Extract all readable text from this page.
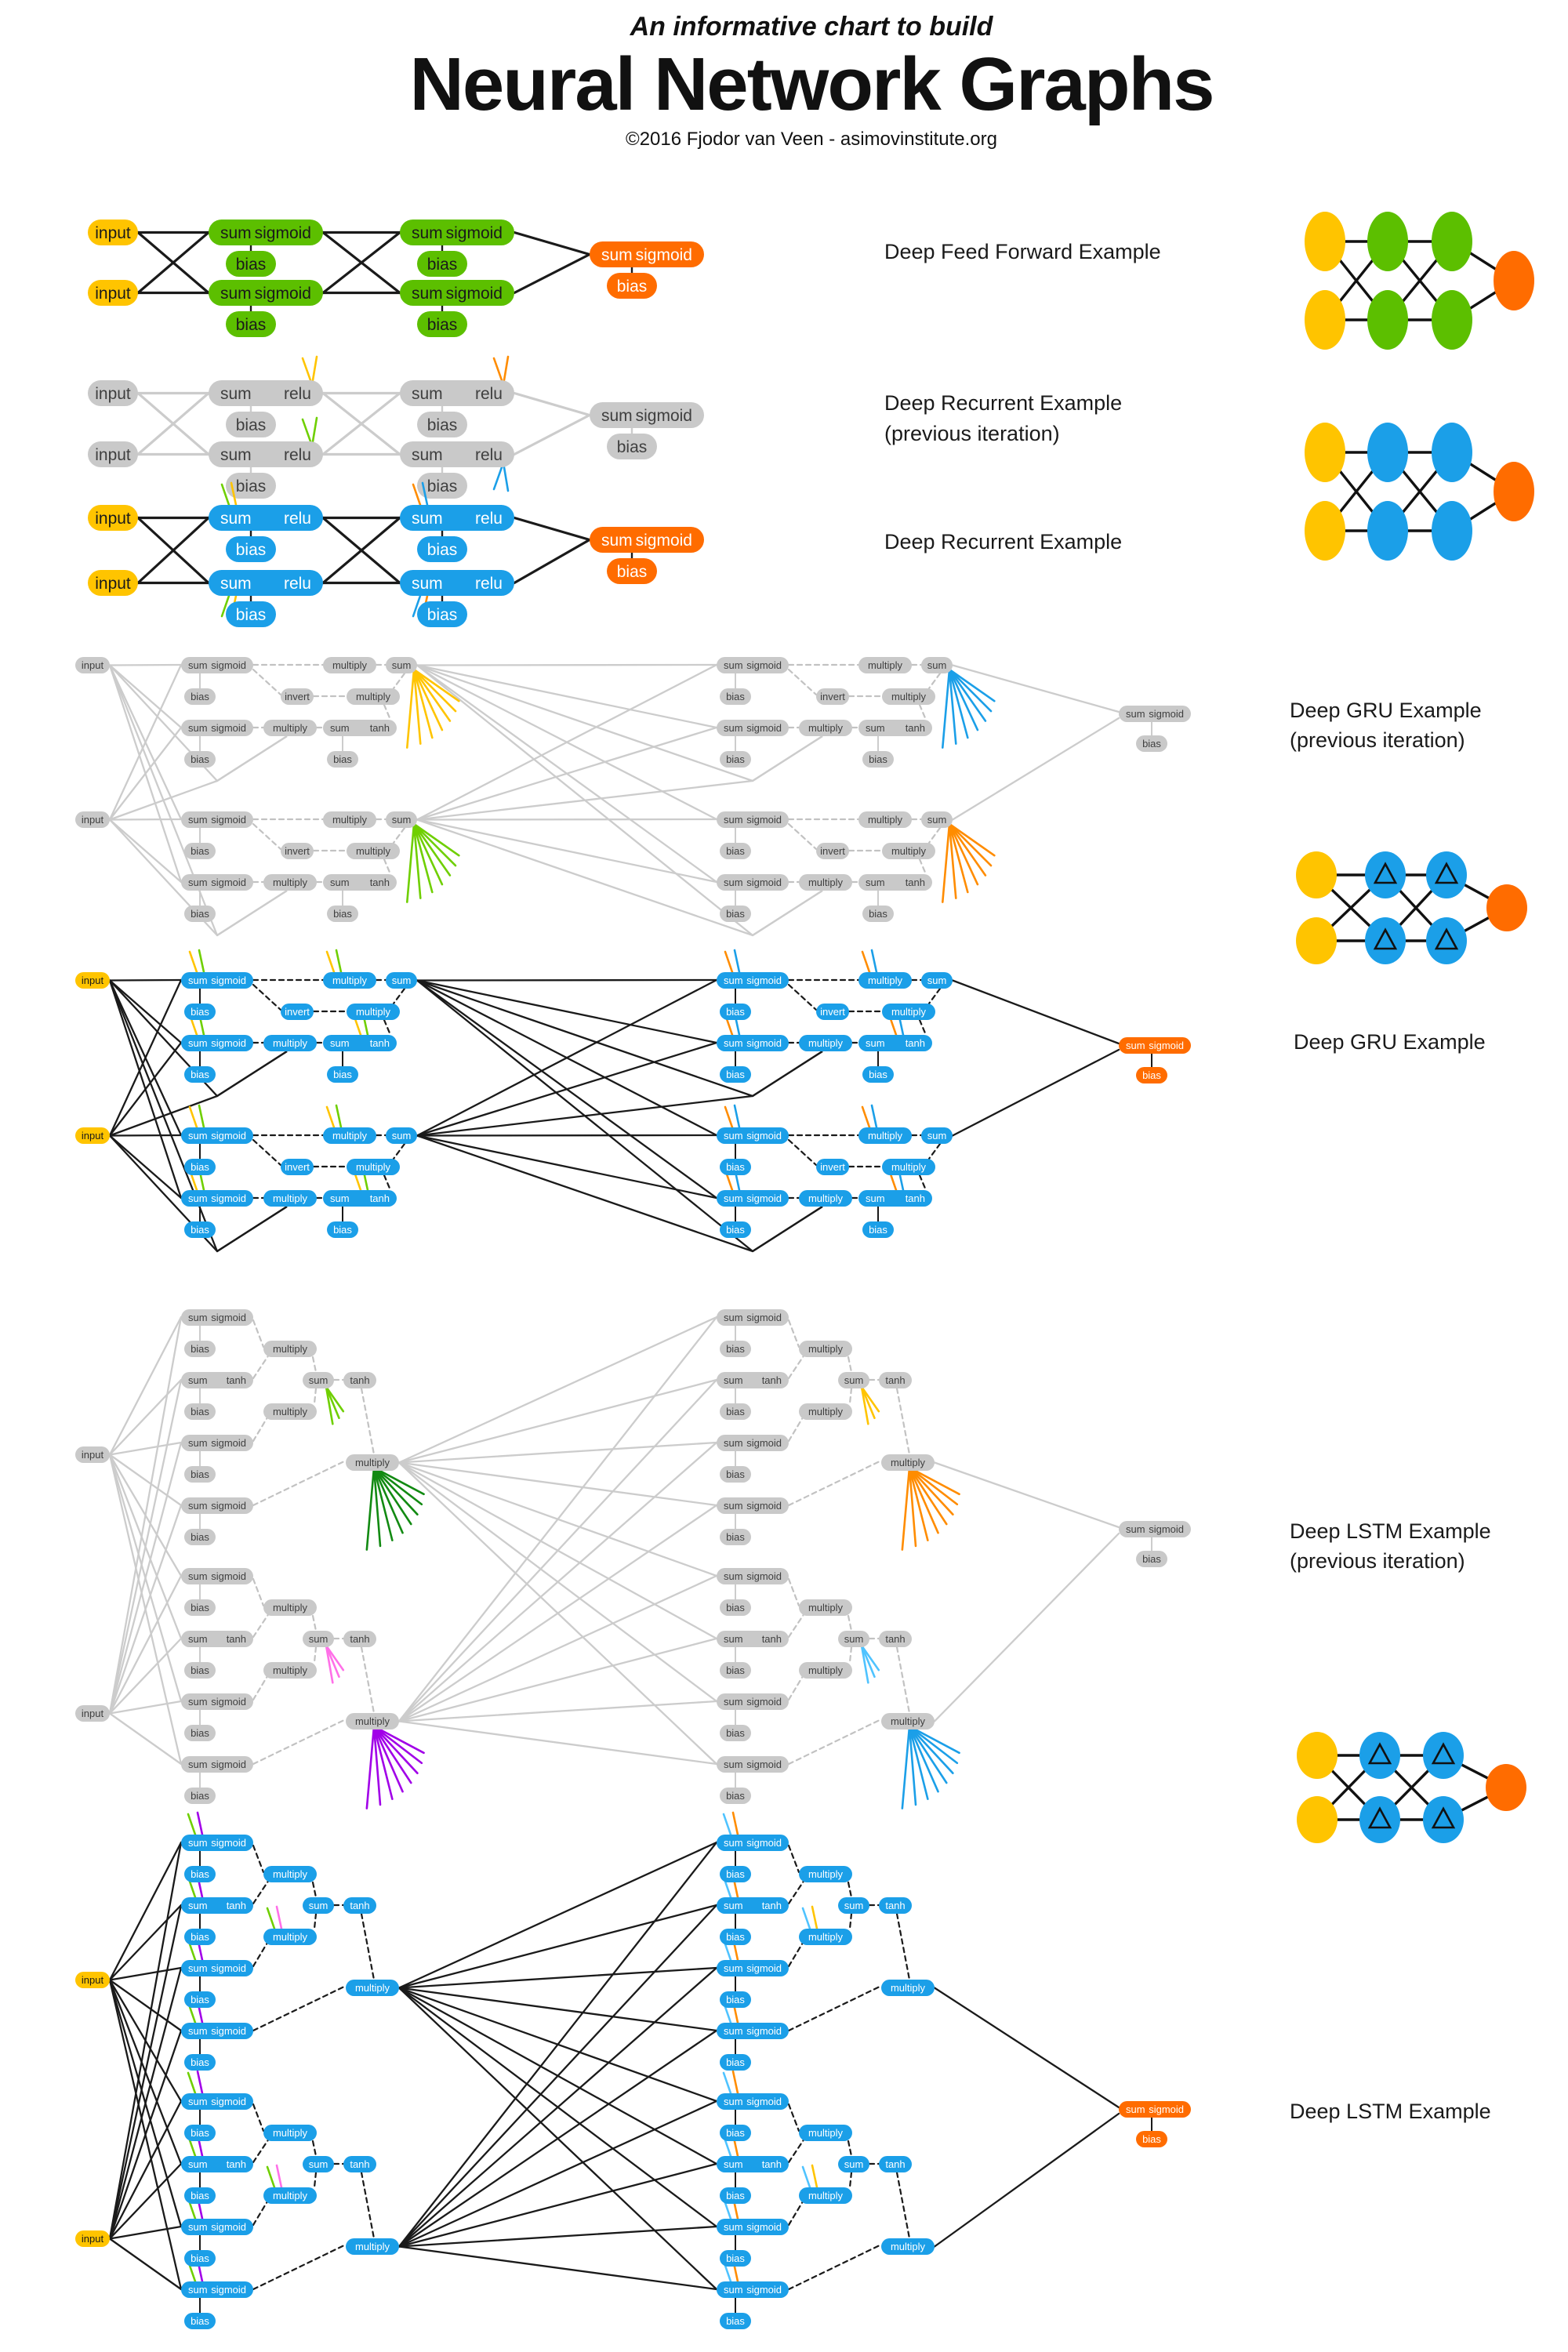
input
input
sum sigmoid
sum sigmoid
bias
bias
sum sigmoid
sum sigmoid
bias
bias
sum sigmoid
bias
Deep Feed Forward Example
input
input
sum relu
sum relu
bias
bias
sum relu
sum relu
bias
bias
sum sigmoid
bias
input
input
sum relu
sum relu
bias
bias
sum relu
sum relu
bias
bias
sum sigmoid
bias
Deep Recurrent Example
(previous iteration)
Deep Recurrent Example
input
input
sum sigmoid
bias
multiply sum
invert	multiply
sum sigmoid
bias
multiply sum tanh
bias
sum sigmoid
bias
multiply sum
invert	multiply
sum sigmoid
bias
multiply sum tanh
bias
sum sigmoid
bias
multiply sum
invert	multiply
sum sigmoid
bias
multiply sum tanh
bias
sum sigmoid
bias
multiply sum
invert	multiply
sum sigmoid
bias
multiply sum tanh
bias
sum sigmoid
bias
input
input
sum sigmoid
bias
multiply sum
invert	multiply
sum sigmoid
bias
multiply sum tanh
bias
sum sigmoid
bias
multiply sum
invert	multiply
sum sigmoid
bias
multiply sum tanh
bias
sum sigmoid
bias
multiply sum
invert	multiply
sum sigmoid
bias
multiply sum tanh
bias
sum sigmoid
bias
multiply sum
invert	multiply
sum sigmoid
bias
multiply sum tanh
bias
sum sigmoid
bias
Deep GRU Example
(previous iteration)
Deep GRU Example
input
input
sum sigmoid
sum tanh
sum sigmoid
sum sigmoid
bias
bias
bias
bias
multiply
multiply
sum tanh
multiply
sum sigmoid
sum tanh
sum sigmoid
sum sigmoid
bias
bias
bias
bias
multiply
multiply
sum tanh
multiply
sum sigmoid
sum tanh
sum sigmoid
sum sigmoid
bias
bias
bias
bias
multiply
multiply
sum tanh
multiply
sum sigmoid
sum tanh
sum sigmoid
sum sigmoid
bias
bias
bias
bias
multiply
multiply
sum tanh
multiply
sum sigmoid
bias
input
input
sum sigmoid
sum tanh
sum sigmoid
sum sigmoid
bias
bias
bias
bias
multiply
multiply
sum tanh
multiply
sum sigmoid
sum tanh
sum sigmoid
sum sigmoid
bias
bias
bias
bias
multiply
multiply
sum tanh
multiply
sum sigmoid
sum tanh
sum sigmoid
sum sigmoid
bias
bias
bias
bias
multiply
multiply
sum tanh
multiply
sum sigmoid
sum tanh
sum sigmoid
sum sigmoid
bias
bias
bias
bias
multiply
multiply
sum tanh
multiply
sum sigmoid
bias
Deep LSTM Example
(previous iteration)
Deep LSTM Example
An informative chart to build
Neural Network Graphs
©2016 Fjodor van Veen - asimovinstitute.org
